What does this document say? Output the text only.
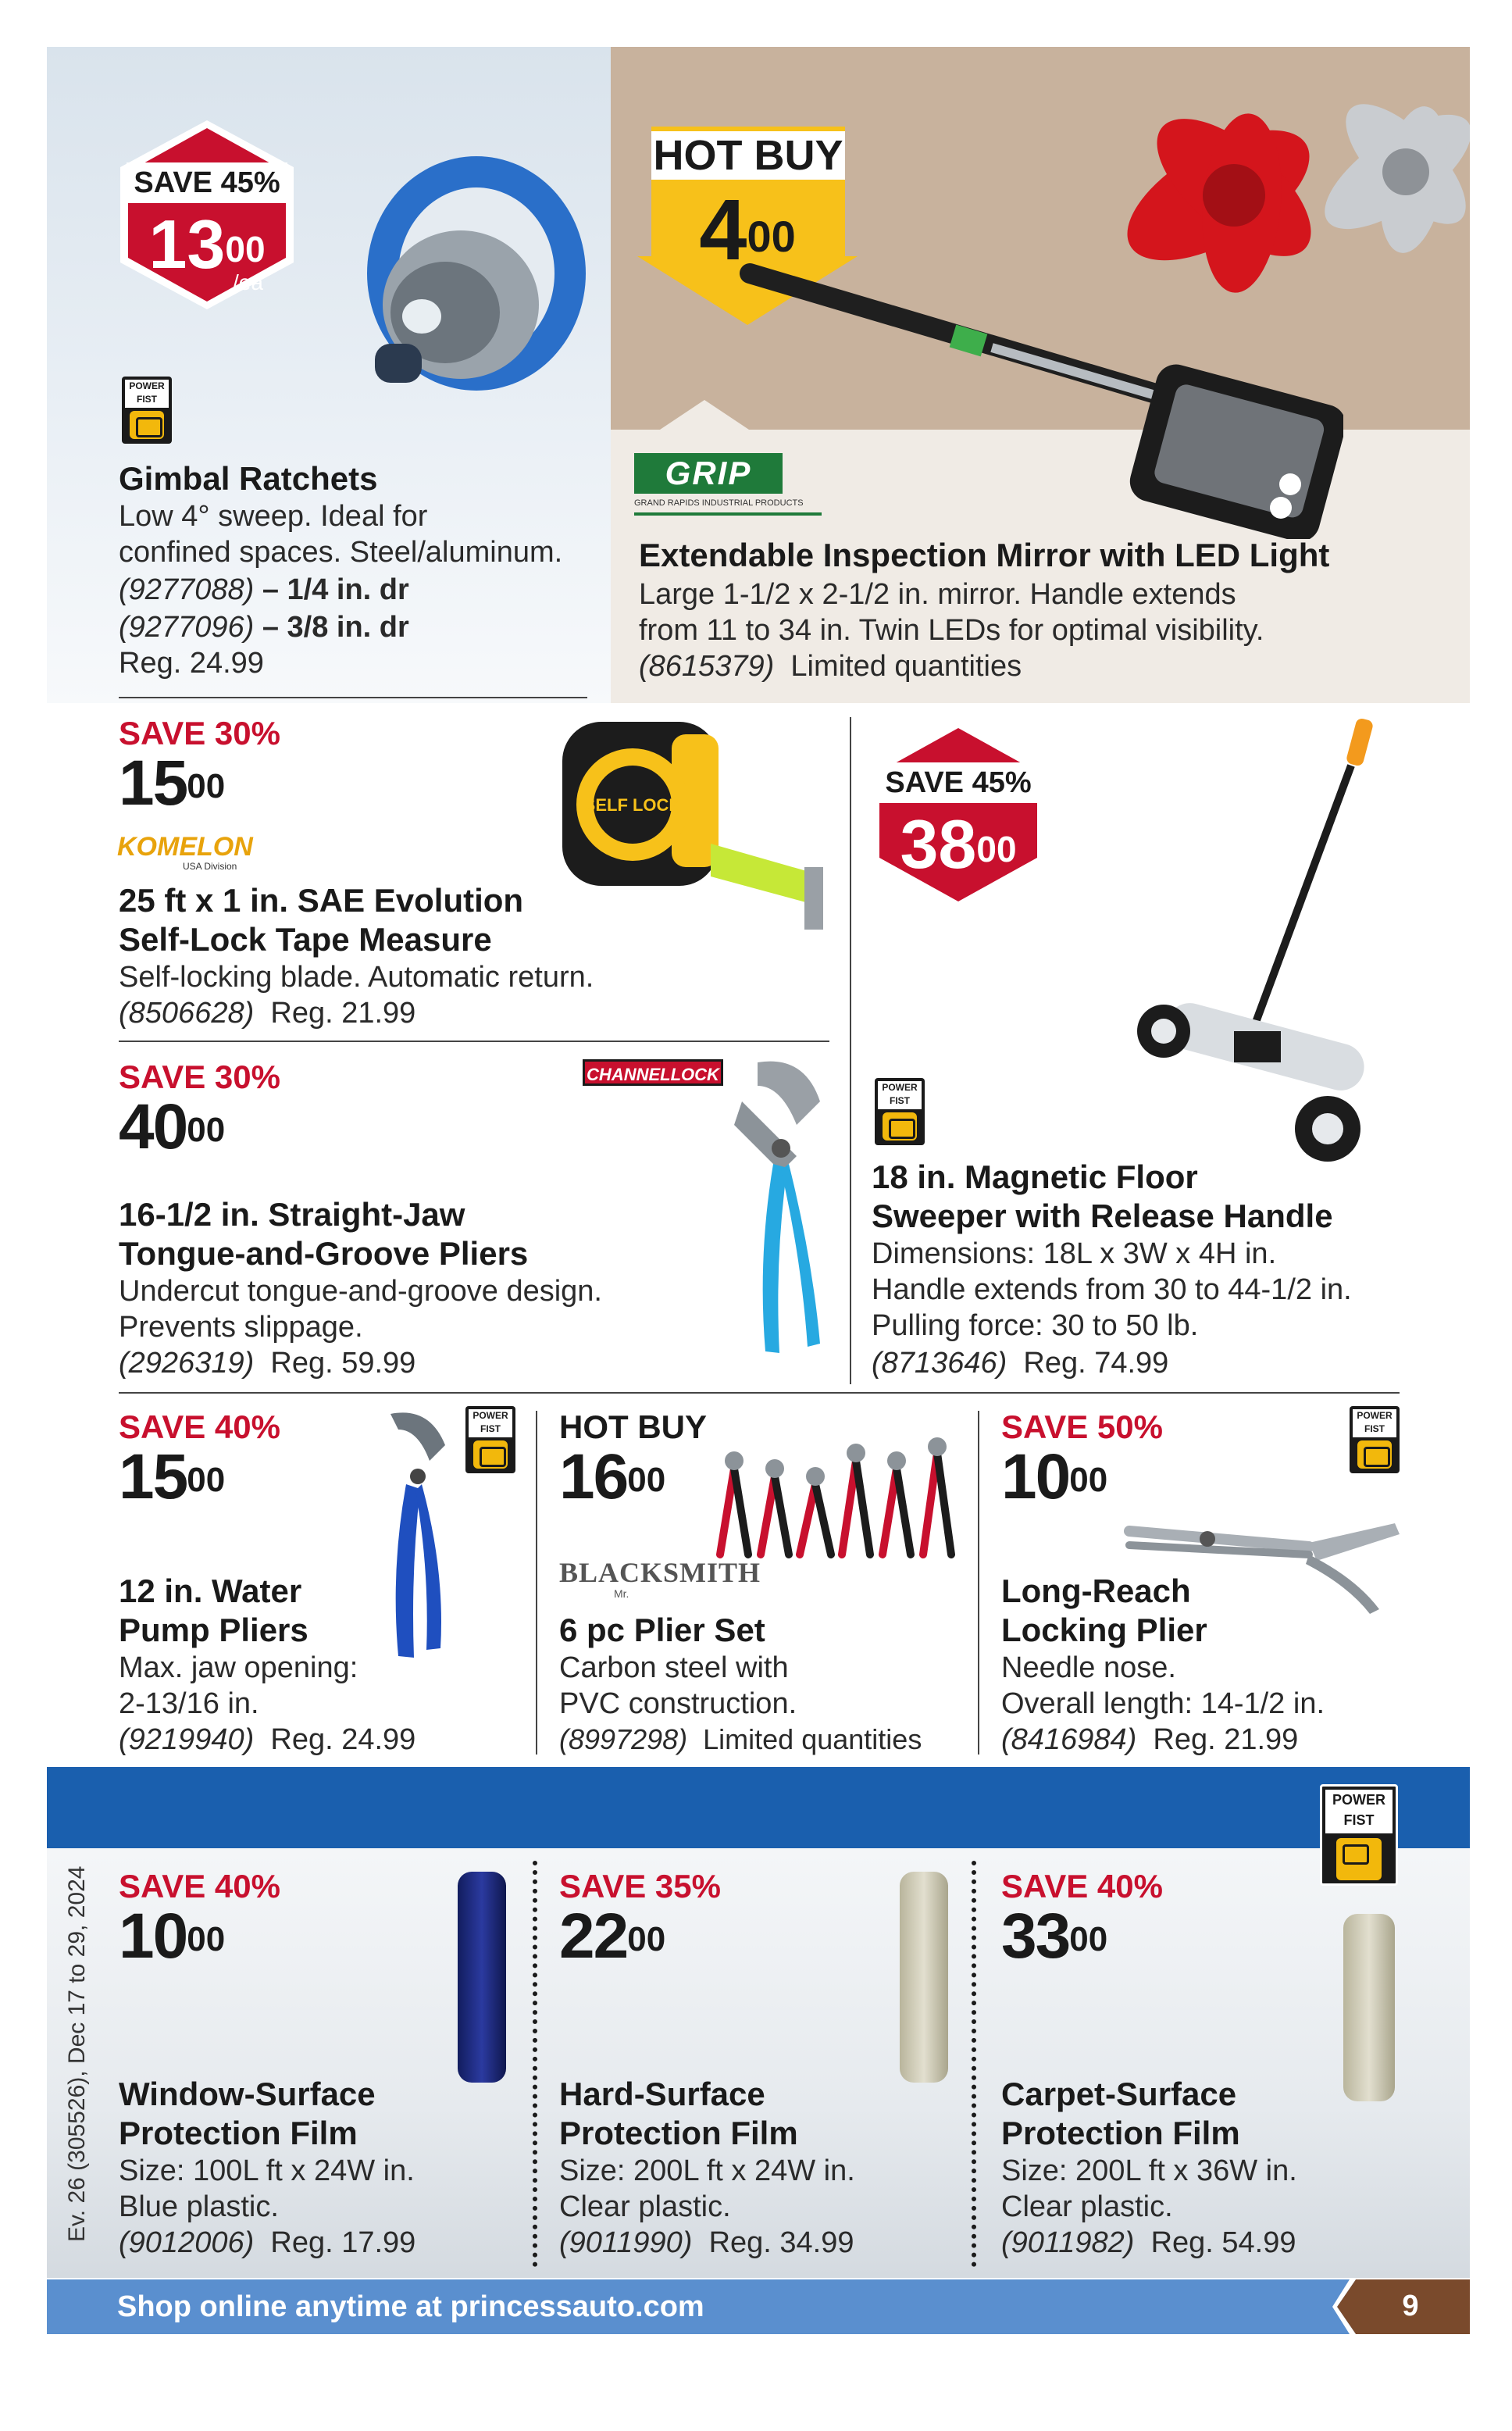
SAVE 45%
$13^{00}$
/ea
POWER FIST
Gimbal Ratchets
Low 4° sweep. Ideal for
confined spaces. Steel/aluminum.
(9277088) – 1/4 in. dr
(9277096) – 3/8 in. dr
Reg. 24.99
HOT BUY
$4^{00}$
GRIP
GRAND RAPIDS INDUSTRIAL PRODUCTS
Extendable Inspection Mirror with LED Light
Large 1-1/2 x 2-1/2 in. mirror. Handle extends
from 11 to 34 in. Twin LEDs for optimal visibility.
(8615379) Limited quantities
SAVE 30%
$15^{00}$
KOMELON
USA Division
SELF LOCK
25 ft x 1 in. SAE Evolution
Self-Lock Tape Measure
Self-locking blade. Automatic return.
(8506628) Reg. 21.99
SAVE 30%
$40^{00}$
CHANNELLOCK
16-1/2 in. Straight-Jaw
Tongue-and-Groove Pliers
Undercut tongue-and-groove design.
Prevents slippage.
(2926319) Reg. 59.99
SAVE 45%
$38^{00}$
POWER FIST
18 in. Magnetic Floor
Sweeper with Release Handle
Dimensions: 18L x 3W x 4H in.
Handle extends from 30 to 44-1/2 in.
Pulling force: 30 to 50 lb.
(8713646) Reg. 74.99
SAVE 40%
$15^{00}$
POWER FIST
12 in. Water
Pump Pliers
Max. jaw opening:
2-13/16 in.
(9219940) Reg. 24.99
HOT BUY
$16^{00}$
BLACKSMITH
Mr.
6 pc Plier Set
Carbon steel with
PVC construction.
(8997298) Limited quantities
SAVE 50%
$10^{00}$
POWER FIST
Long-Reach
Locking Plier
Needle nose.
Overall length: 14-1/2 in.
(8416984) Reg. 21.99
POWER FIST
Ev. 26 (305526), Dec 17 to 29, 2024 SAVE 40%
$10^{00}$
Window-Surface
Protection Film
Size: 100L ft x 24W in.
Blue plastic.
(9012006) Reg. 17.99
SAVE 35%
$22^{00}$
Hard-Surface
Protection Film
Size: 200L ft x 24W in.
Clear plastic.
(9011990) Reg. 34.99
SAVE 40%
$33^{00}$
Carpet-Surface
Protection Film
Size: 200L ft x 36W in.
Clear plastic.
(9011982) Reg. 54.99
Shop online anytime at princessauto.com	9
